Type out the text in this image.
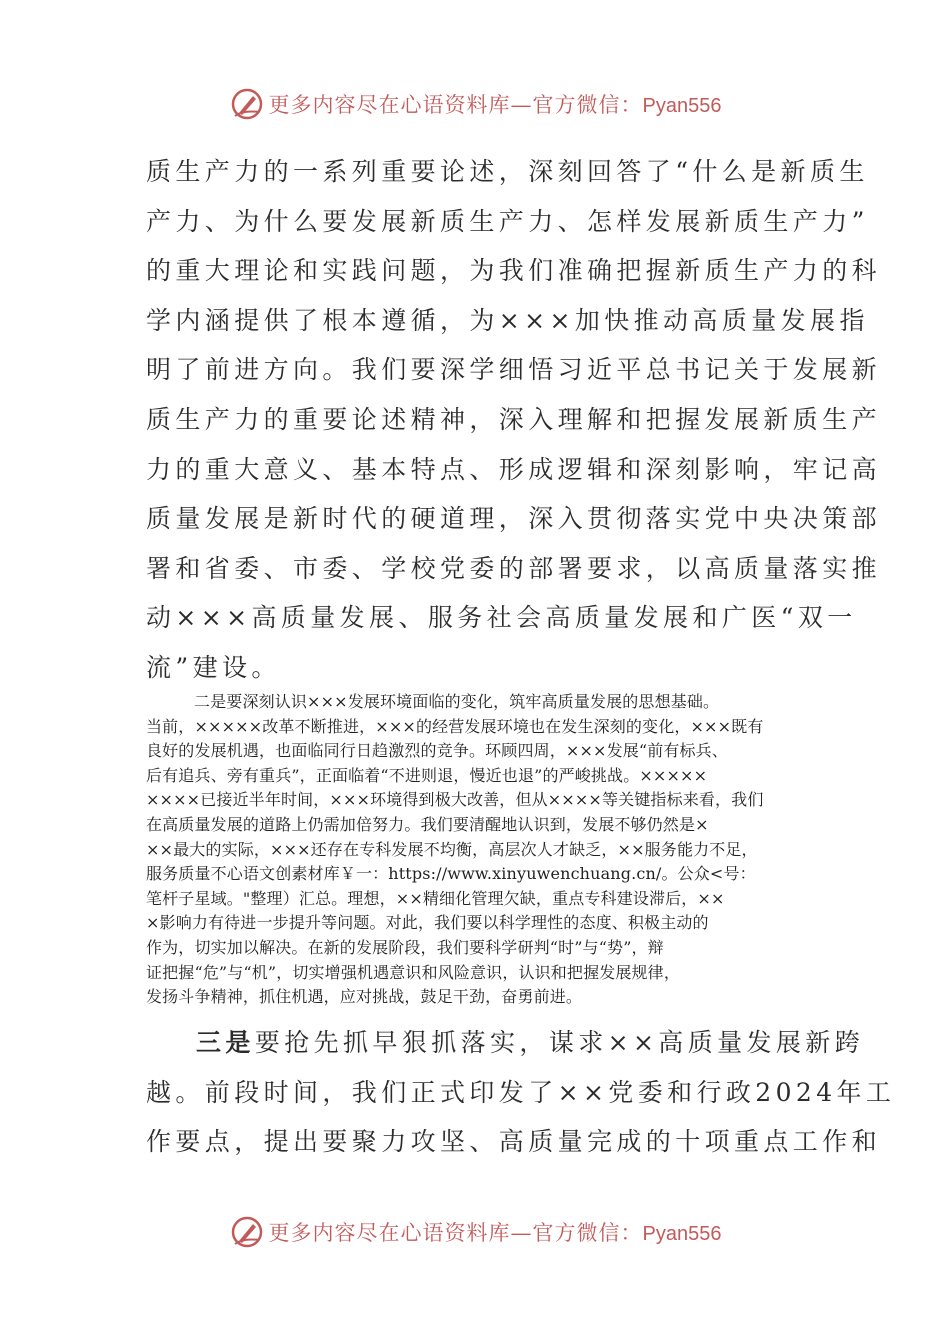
更多内容尽在心语资料库—官方微信：Pyan556
质生产力的一系列重要论述，深刻回答了“什么是新质生
产力、为什么要发展新质生产力、怎样发展新质生产力”
的重大理论和实践问题，为我们准确把握新质生产力的科
学内涵提供了根本遵循，为×××加快推动高质量发展指
明了前进方向。我们要深学细悟习近平总书记关于发展新
质生产力的重要论述精神，深入理解和把握发展新质生产
力的重大意义、基本特点、形成逻辑和深刻影响，牢记高
质量发展是新时代的硬道理，深入贯彻落实党中央决策部
署和省委、市委、学校党委的部署要求，以高质量落实推
动×××高质量发展、服务社会高质量发展和广医“双一
流”建设。
二是要深刻认识×××发展环境面临的变化，筑牢高质量发展的思想基础。
当前，×××××改革不断推进，×××的经营发展环境也在发生深刻的变化，×××既有
良好的发展机遇，也面临同行日趋激烈的竞争。环顾四周，×××发展“前有标兵、
后有追兵、旁有重兵”，正面临着“不进则退，慢近也退”的严峻挑战。×××××
××××已接近半年时间，×××环境得到极大改善，但从××××等关键指标来看，我们
在高质量发展的道路上仍需加倍努力。我们要清醒地认识到，发展不够仍然是×
××最大的实际，×××还存在专科发展不均衡，高层次人才缺乏，××服务能力不足，
服务质量不心语文创素材库￥一：https://www.xinyuwenchuang.cn/。公众<号：
笔杆子星域。"整理）汇总。理想，××精细化管理欠缺，重点专科建设滞后，××
×影响力有待进一步提升等问题。对此，我们要以科学理性的态度、积极主动的
作为，切实加以解决。在新的发展阶段，我们要科学研判“时”与“势”，辩
证把握“危”与“机”，切实增强机遇意识和风险意识，认识和把握发展规律，
发扬斗争精神，抓住机遇，应对挑战，鼓足干劲，奋勇前进。
三是要抢先抓早狠抓落实，谋求××高质量发展新跨
越。前段时间，我们正式印发了××党委和行政2024年工
作要点，提出要聚力攻坚、高质量完成的十项重点工作和
更多内容尽在心语资料库—官方微信：Pyan556
